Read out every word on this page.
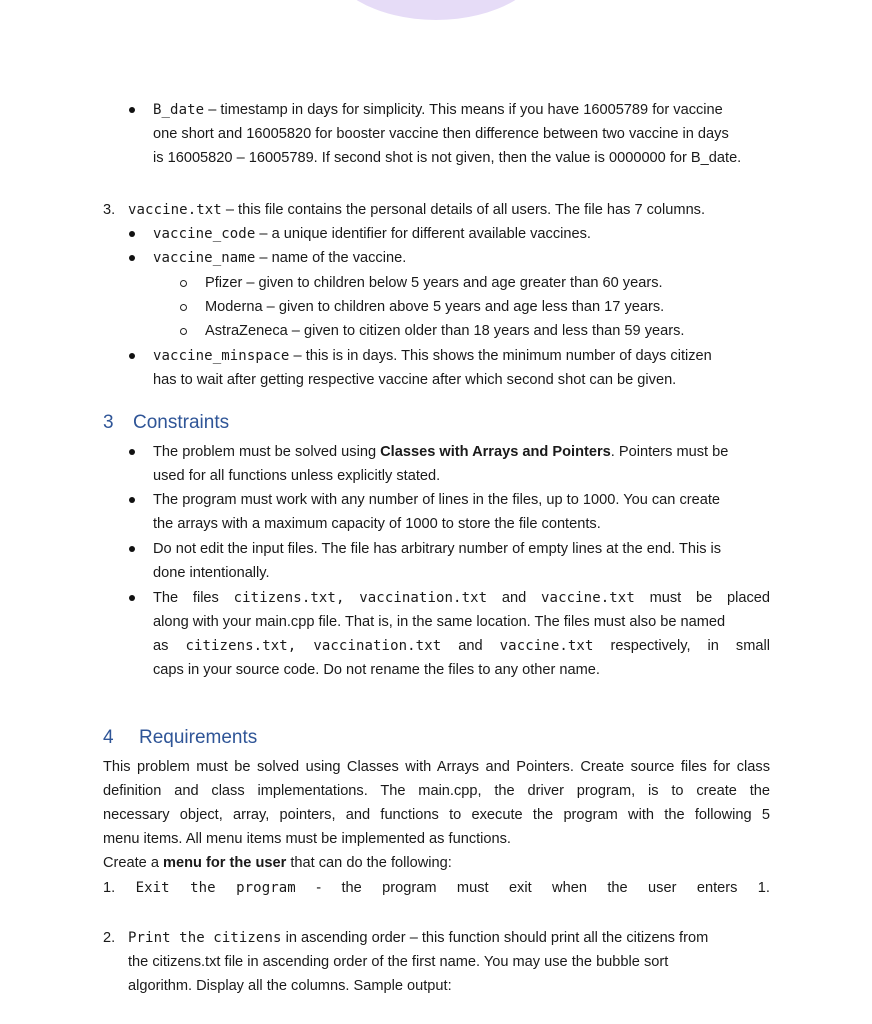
B_date – timestamp in days for simplicity. This means if you have 16005789 for vaccine
one short and 16005820 for booster vaccine then difference between two vaccine in days
is 16005820 – 16005789. If second shot is not given, then the value is 0000000 for B_date.
3. vaccine.txt – this file contains the personal details of all users. The file has 7 columns.
vaccine_code – a unique identifier for different available vaccines.
vaccine_name – name of the vaccine.
Pfizer – given to children below 5 years and age greater than 60 years.
Moderna – given to children above 5 years and age less than 17 years.
AstraZeneca – given to citizen older than 18 years and less than 59 years.
vaccine_minspace – this is in days. This shows the minimum number of days citizen
has to wait after getting respective vaccine after which second shot can be given.
3 Constraints
The problem must be solved using Classes with Arrays and Pointers. Pointers must be
used for all functions unless explicitly stated.
The program must work with any number of lines in the files, up to 1000. You can create
the arrays with a maximum capacity of 1000 to store the file contents.
Do not edit the input files. The file has arbitrary number of empty lines at the end. This is
done intentionally.
The files citizens.txt, vaccination.txt and vaccine.txt must be placed
along with your main.cpp file. That is, in the same location. The files must also be named
as citizens.txt, vaccination.txt and vaccine.txt respectively, in small
caps in your source code. Do not rename the files to any other name.
4 Requirements
This problem must be solved using Classes with Arrays and Pointers. Create source files for class
definition and class implementations. The main.cpp, the driver program, is to create the
necessary object, array, pointers, and functions to execute the program with the following 5
menu items. All menu items must be implemented as functions.
Create a menu for the user that can do the following:
1. Exit the program - the program must exit when the user enters 1.
2. Print the citizens in ascending order – this function should print all the citizens from
the citizens.txt file in ascending order of the first name. You may use the bubble sort
algorithm. Display all the columns. Sample output:
